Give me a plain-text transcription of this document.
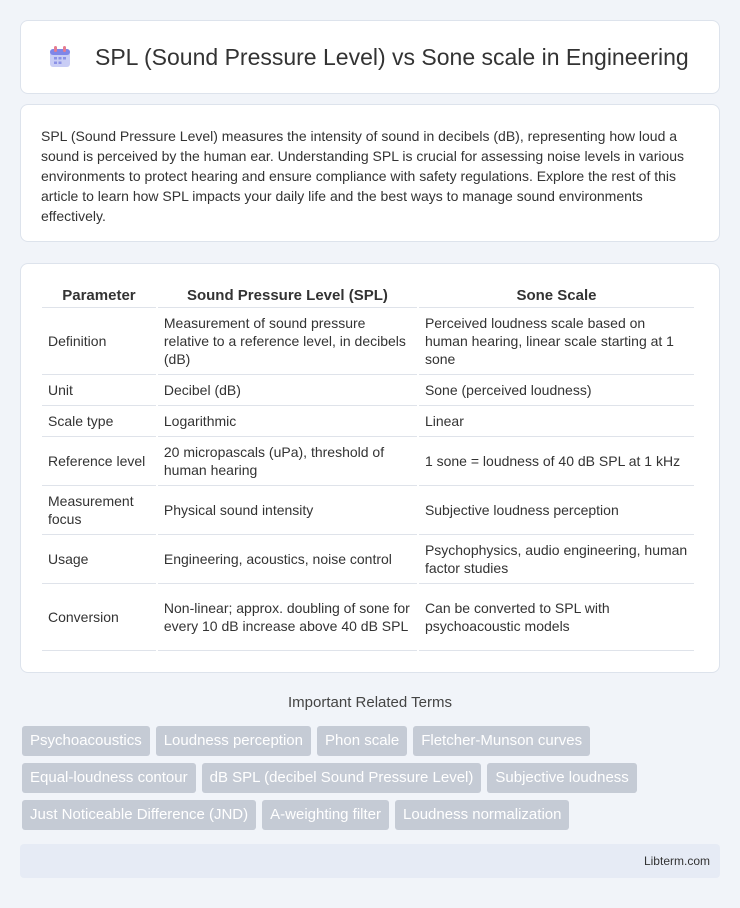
SPL (Sound Pressure Level) vs Sone scale in Engineering

SPL (Sound Pressure Level) measures the intensity of sound in decibels (dB), representing how loud a sound is perceived by the human ear. Understanding SPL is crucial for assessing noise levels in various environments to protect hearing and ensure compliance with safety regulations. Explore the rest of this article to learn how SPL impacts your daily life and the best ways to manage sound environments effectively.

Parameter	Sound Pressure Level (SPL)	Sone Scale
Definition	Measurement of sound pressure relative to a reference level, in decibels (dB)	Perceived loudness scale based on human hearing, linear scale starting at 1 sone
Unit	Decibel (dB)	Sone (perceived loudness)
Scale type	Logarithmic	Linear
Reference level	20 micropascals (uPa), threshold of human hearing	1 sone = loudness of 40 dB SPL at 1 kHz
Measurement focus	Physical sound intensity	Subjective loudness perception
Usage	Engineering, acoustics, noise control	Psychophysics, audio engineering, human factor studies
Conversion	Non-linear; approx. doubling of sone for every 10 dB increase above 40 dB SPL	Can be converted to SPL with psychoacoustic models
Important Related Terms
Psychoacoustics	Loudness perception	Phon scale	Fletcher-Munson curves
Equal-loudness contour	dB SPL (decibel Sound Pressure Level)	Subjective loudness
Just Noticeable Difference (JND)	A-weighting filter	Loudness normalization
Libterm.com
